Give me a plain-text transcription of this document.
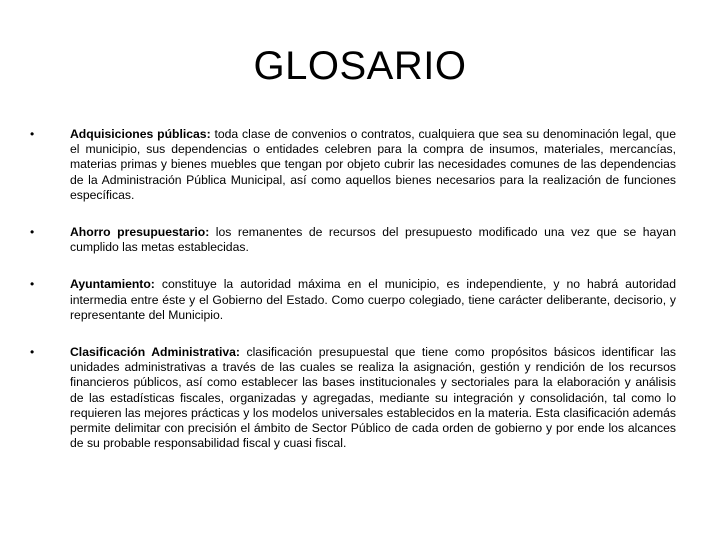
GLOSARIO
•	Adquisiciones públicas: toda clase de convenios o contratos, cualquiera que sea su denominación legal, que el municipio, sus dependencias o entidades celebren para la compra de insumos, materiales, mercancías, materias primas y bienes muebles que tengan por objeto cubrir las necesidades comunes de las dependencias de la Administración Pública Municipal, así como aquellos bienes necesarios para la realización de funciones específicas.
•	Ahorro presupuestario: los remanentes de recursos del presupuesto modificado una vez que se hayan cumplido las metas establecidas.
•	Ayuntamiento: constituye la autoridad máxima en el municipio, es independiente, y no habrá autoridad intermedia entre éste y el Gobierno del Estado. Como cuerpo colegiado, tiene carácter deliberante, decisorio, y representante del Municipio.
•	Clasificación Administrativa: clasificación presupuestal que tiene como propósitos básicos identificar las unidades administrativas a través de las cuales se realiza la asignación, gestión y rendición de los recursos financieros públicos, así como establecer las bases institucionales y sectoriales para la elaboración y análisis de las estadísticas fiscales, organizadas y agregadas, mediante su integración y consolidación, tal como lo requieren las mejores prácticas y los modelos universales establecidos en la materia. Esta clasificación además permite delimitar con precisión el ámbito de Sector Público de cada orden de gobierno y por ende los alcances de su probable responsabilidad fiscal y cuasi fiscal.
